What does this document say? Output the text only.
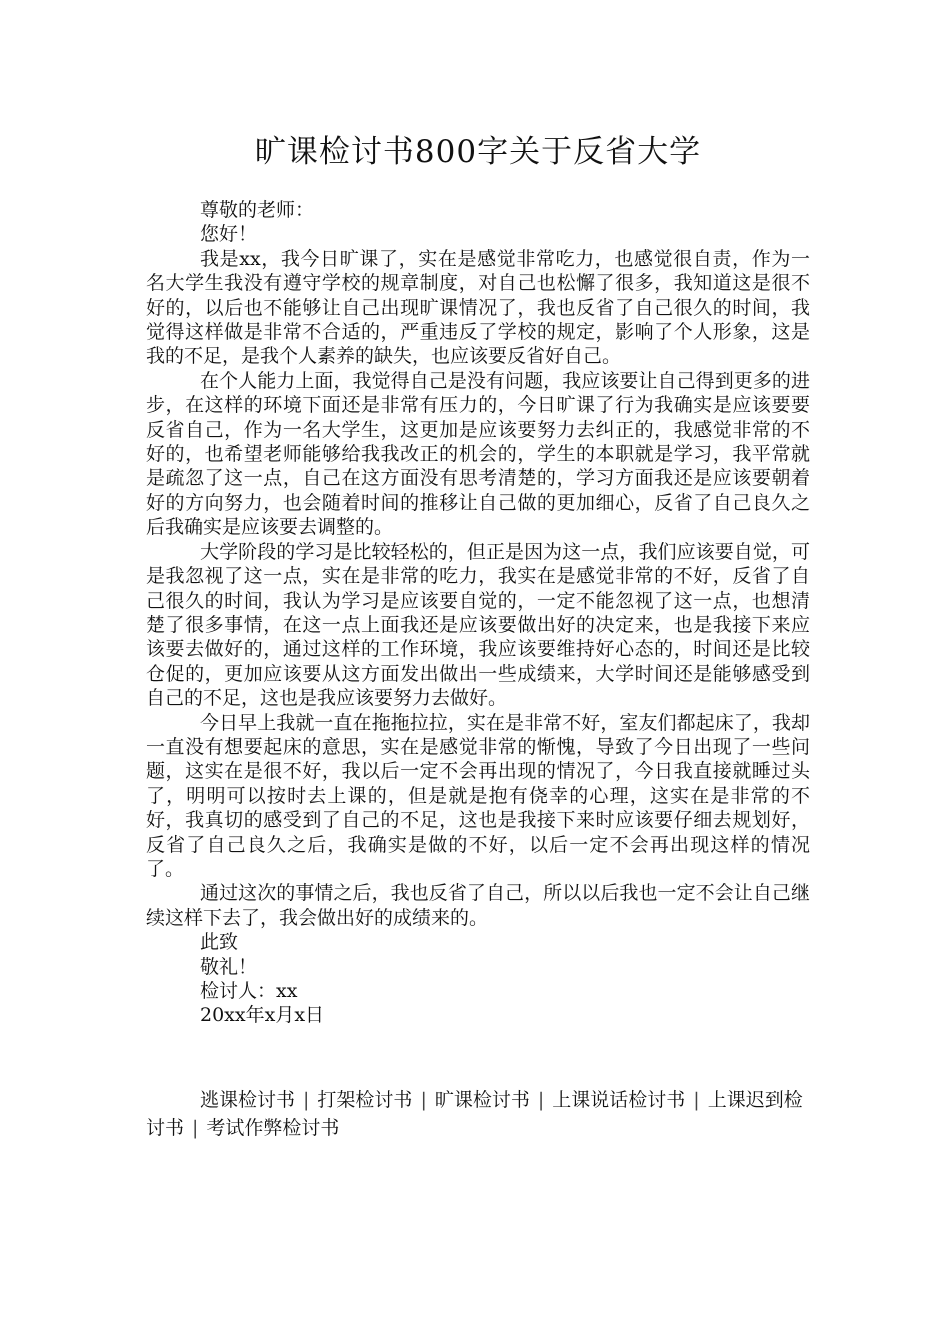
旷课检讨书800字关于反省大学

尊敬的老师：

您好！

我是xx，我今日旷课了，实在是感觉非常吃力，也感觉很自责，作为一名大学生我没有遵守学校的规章制度，对自己也松懈了很多，我知道这是很不好的，以后也不能够让自己出现旷课情况了，我也反省了自己很久的时间，我觉得这样做是非常不合适的，严重违反了学校的规定，影响了个人形象，这是我的不足，是我个人素养的缺失，也应该要反省好自己。

在个人能力上面，我觉得自己是没有问题，我应该要让自己得到更多的进步，在这样的环境下面还是非常有压力的，今日旷课了行为我确实是应该要要反省自己，作为一名大学生，这更加是应该要努力去纠正的，我感觉非常的不好的，也希望老师能够给我我改正的机会的，学生的本职就是学习，我平常就是疏忽了这一点，自己在这方面没有思考清楚的，学习方面我还是应该要朝着好的方向努力，也会随着时间的推移让自己做的更加细心，反省了自己良久之后我确实是应该要去调整的。

大学阶段的学习是比较轻松的，但正是因为这一点，我们应该要自觉，可是我忽视了这一点，实在是非常的吃力，我实在是感觉非常的不好，反省了自己很久的时间，我认为学习是应该要自觉的，一定不能忽视了这一点，也想清楚了很多事情，在这一点上面我还是应该要做出好的决定来，也是我接下来应该要去做好的，通过这样的工作环境，我应该要维持好心态的，时间还是比较仓促的，更加应该要从这方面发出做出一些成绩来，大学时间还是能够感受到自己的不足，这也是我应该要努力去做好。

今日早上我就一直在拖拖拉拉，实在是非常不好，室友们都起床了，我却一直没有想要起床的意思，实在是感觉非常的惭愧，导致了今日出现了一些问题，这实在是很不好，我以后一定不会再出现的情况了，今日我直接就睡过头了，明明可以按时去上课的，但是就是抱有侥幸的心理，这实在是非常的不好，我真切的感受到了自己的不足，这也是我接下来时应该要仔细去规划好，反省了自己良久之后，我确实是做的不好，以后一定不会再出现这样的情况了。

通过这次的事情之后，我也反省了自己，所以以后我也一定不会让自己继续这样下去了，我会做出好的成绩来的。

此致

敬礼！

检讨人：xx

20xx年x月x日

逃课检讨书 | 打架检讨书 | 旷课检讨书 | 上课说话检讨书 | 上课迟到检讨书 | 考试作弊检讨书
